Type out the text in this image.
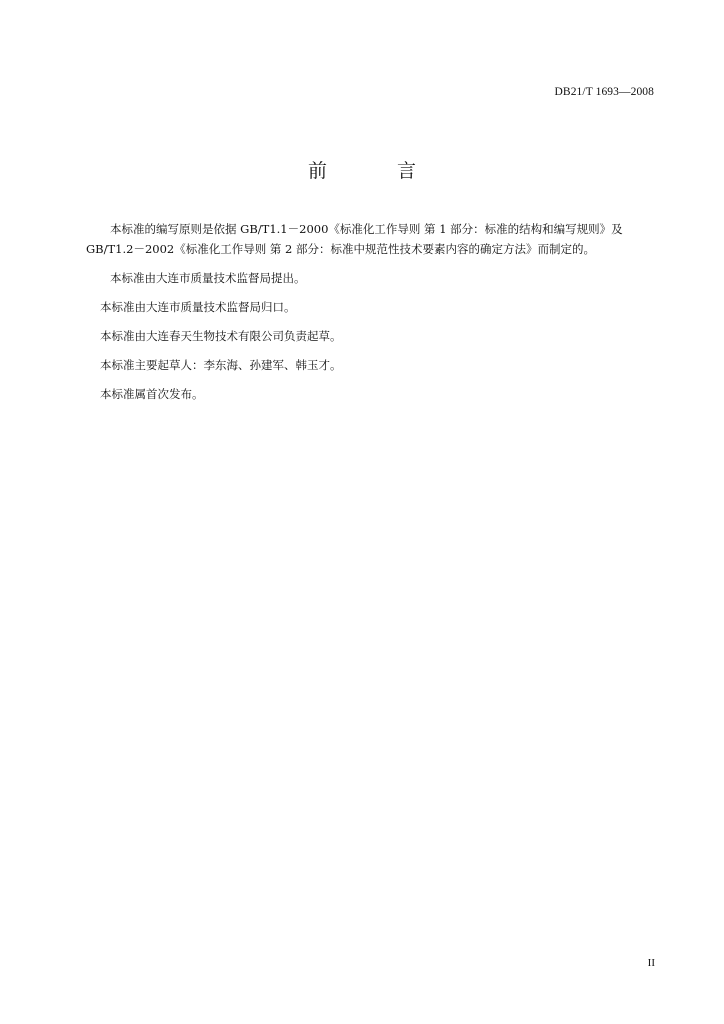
DB21/T 1693—2008
前 言

本标准的编写原则是依据 GB/T1.1－2000《标准化工作导则 第 1 部分：标准的结构和编写规则》及
GB/T1.2－2002《标准化工作导则 第 2 部分：标准中规范性技术要素内容的确定方法》而制定的。

本标准由大连市质量技术监督局提出。

本标准由大连市质量技术监督局归口。

本标准由大连春天生物技术有限公司负责起草。

本标准主要起草人：李东海、孙建军、韩玉才。

本标准属首次发布。

II
